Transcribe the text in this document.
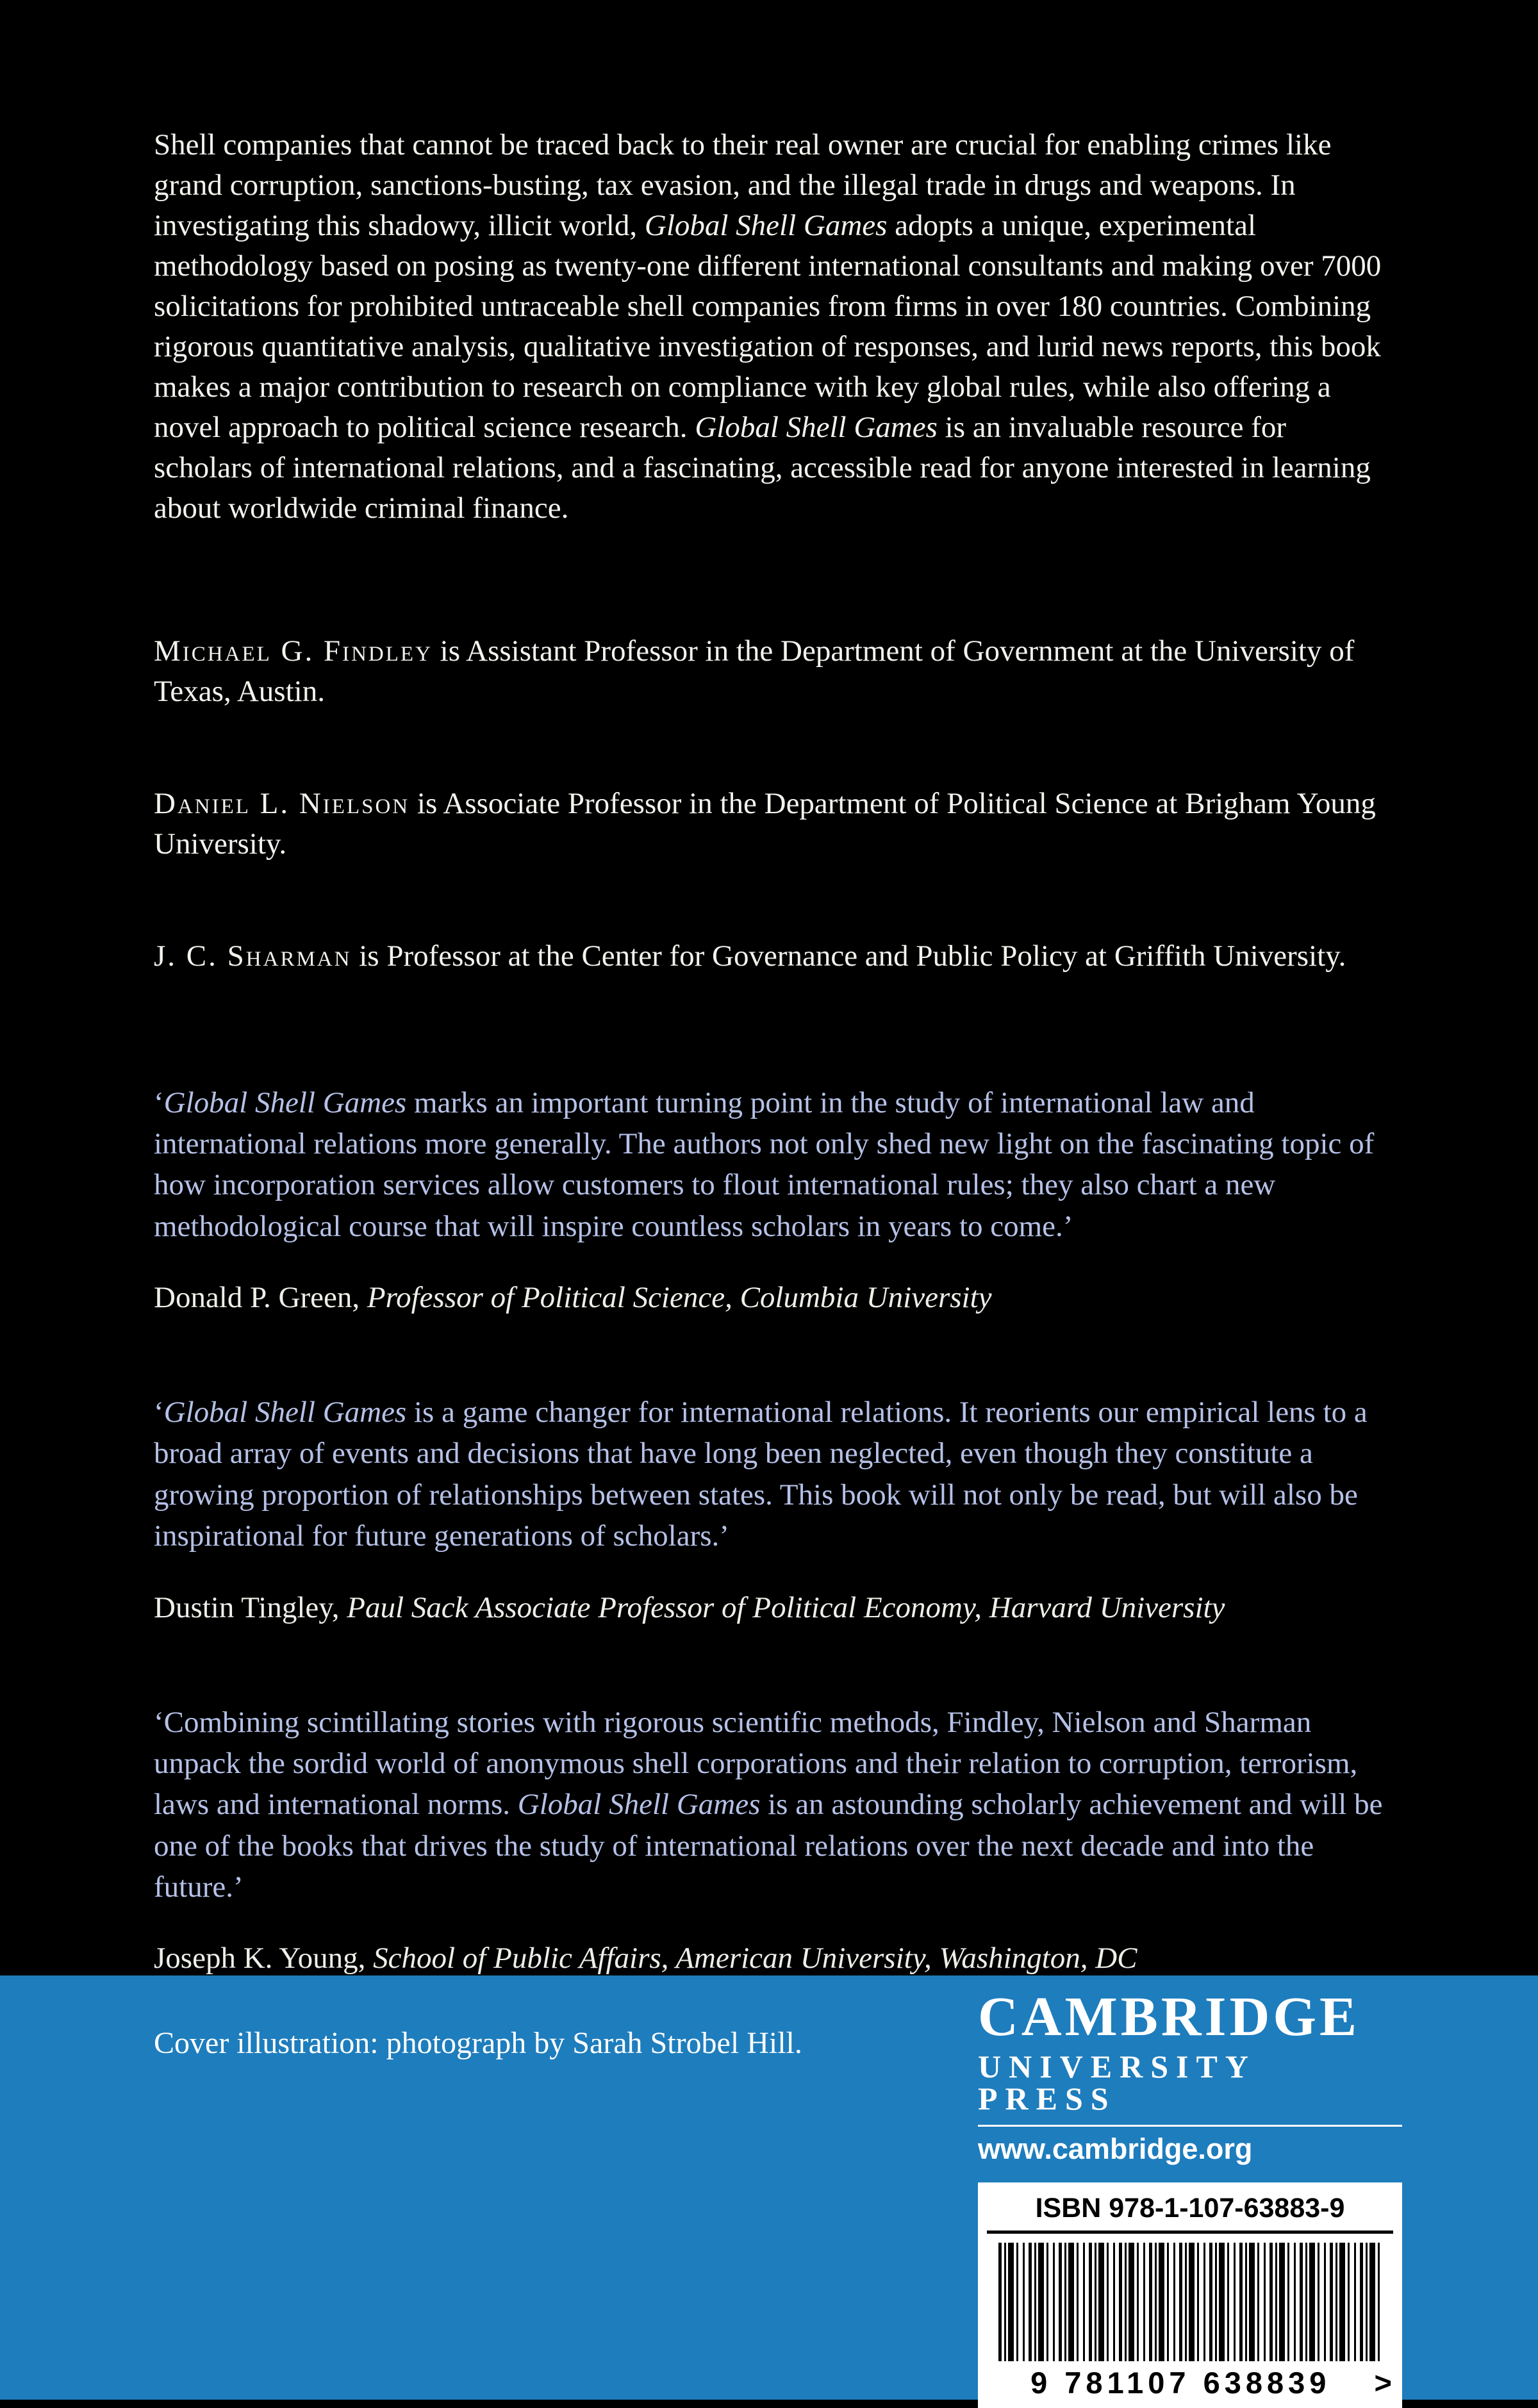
Shell companies that cannot be traced back to their real owner are crucial for enabling crimes like grand corruption, sanctions-busting, tax evasion, and the illegal trade in drugs and weapons. In investigating this shadowy, illicit world, Global Shell Games adopts a unique, experimental methodology based on posing as twenty-one different international consultants and making over 7000 solicitations for prohibited untraceable shell companies from firms in over 180 countries. Combining rigorous quantitative analysis, qualitative investigation of responses, and lurid news reports, this book makes a major contribution to research on compliance with key global rules, while also offering a novel approach to political science research. Global Shell Games is an invaluable resource for scholars of international relations, and a fascinating, accessible read for anyone interested in learning about worldwide criminal finance.

Michael G. Findley is Assistant Professor in the Department of Government at the University of Texas, Austin.

Daniel L. Nielson is Associate Professor in the Department of Political Science at Brigham Young University.

J. C. Sharman is Professor at the Center for Governance and Public Policy at Griffith University.

‘Global Shell Games marks an important turning point in the study of international law and international relations more generally. The authors not only shed new light on the fascinating topic of how incorporation services allow customers to flout international rules; they also chart a new methodological course that will inspire countless scholars in years to come.’

Donald P. Green, Professor of Political Science, Columbia University

‘Global Shell Games is a game changer for international relations. It reorients our empirical lens to a broad array of events and decisions that have long been neglected, even though they constitute a growing proportion of relationships between states. This book will not only be read, but will also be inspirational for future generations of scholars.’

Dustin Tingley, Paul Sack Associate Professor of Political Economy, Harvard University

‘Combining scintillating stories with rigorous scientific methods, Findley, Nielson and Sharman unpack the sordid world of anonymous shell corporations and their relation to corruption, terrorism, laws and international norms. Global Shell Games is an astounding scholarly achievement and will be one of the books that drives the study of international relations over the next decade and into the future.’

Joseph K. Young, School of Public Affairs, American University, Washington, DC

Cover illustration: photograph by Sarah Strobel Hill.	CAMBRIDGE
UNIVERSITY PRESS
www.cambridge.org
ISBN 978-1-107-63883-9
9 781107 638839	>
